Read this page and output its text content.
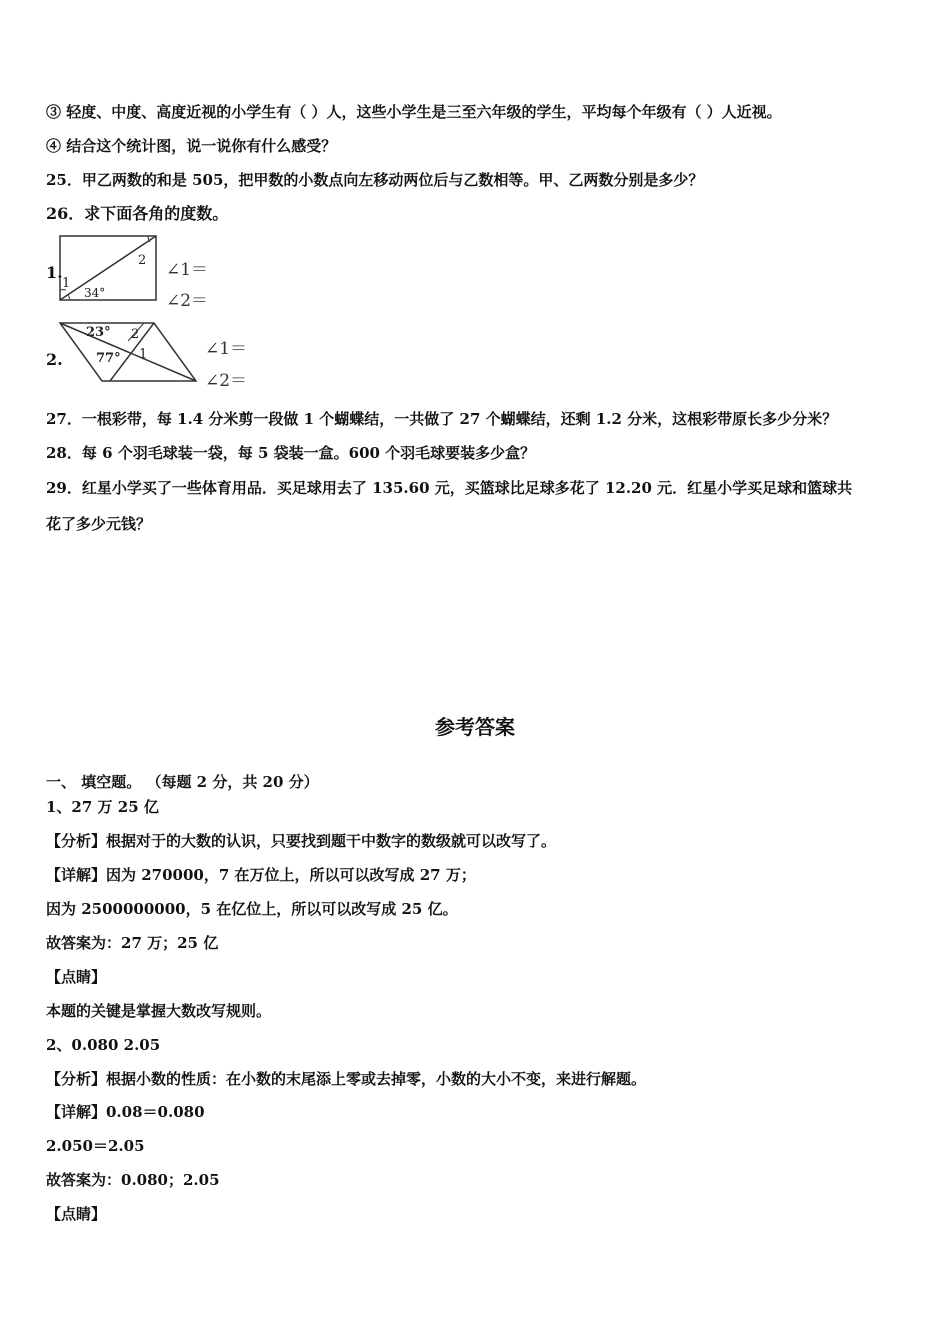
③ 轻度、中度、高度近视的小学生有（ ）人，这些小学生是三至六年级的学生，平均每个年级有（ ）人近视。
④ 结合这个统计图，说一说你有什么感受？
25．甲乙两数的和是 505，把甲数的小数点向左移动两位后与乙数相等。甲、乙两数分别是多少？
26．求下面各角的度数。
1.
1
2
34°
∠1＝
∠2＝
2.
23°
77°
2
1	∠1＝
∠2＝
27．一根彩带，每 1.4 分米剪一段做 1 个蝴蝶结，一共做了 27 个蝴蝶结，还剩 1.2 分米，这根彩带原长多少分米？
28．每 6 个羽毛球装一袋，每 5 袋装一盒。600 个羽毛球要装多少盒？
29．红星小学买了一些体育用品．买足球用去了 135.60 元，买篮球比足球多花了 12.20 元．红星小学买足球和篮球共
花了多少元钱？
参考答案
一、 填空题。 （每题 2 分，共 20 分）
1、27 万 25 亿
【分析】根据对于的大数的认识，只要找到题干中数字的数级就可以改写了。
【详解】因为 270000，7 在万位上，所以可以改写成 27 万；
因为 2500000000，5 在亿位上，所以可以改写成 25 亿。
故答案为：27 万；25 亿
【点睛】
本题的关键是掌握大数改写规则。
2、0.080 2.05
【分析】根据小数的性质：在小数的末尾添上零或去掉零，小数的大小不变，来进行解题。
【详解】0.08＝0.080
2.050＝2.05
故答案为：0.080；2.05
【点睛】
